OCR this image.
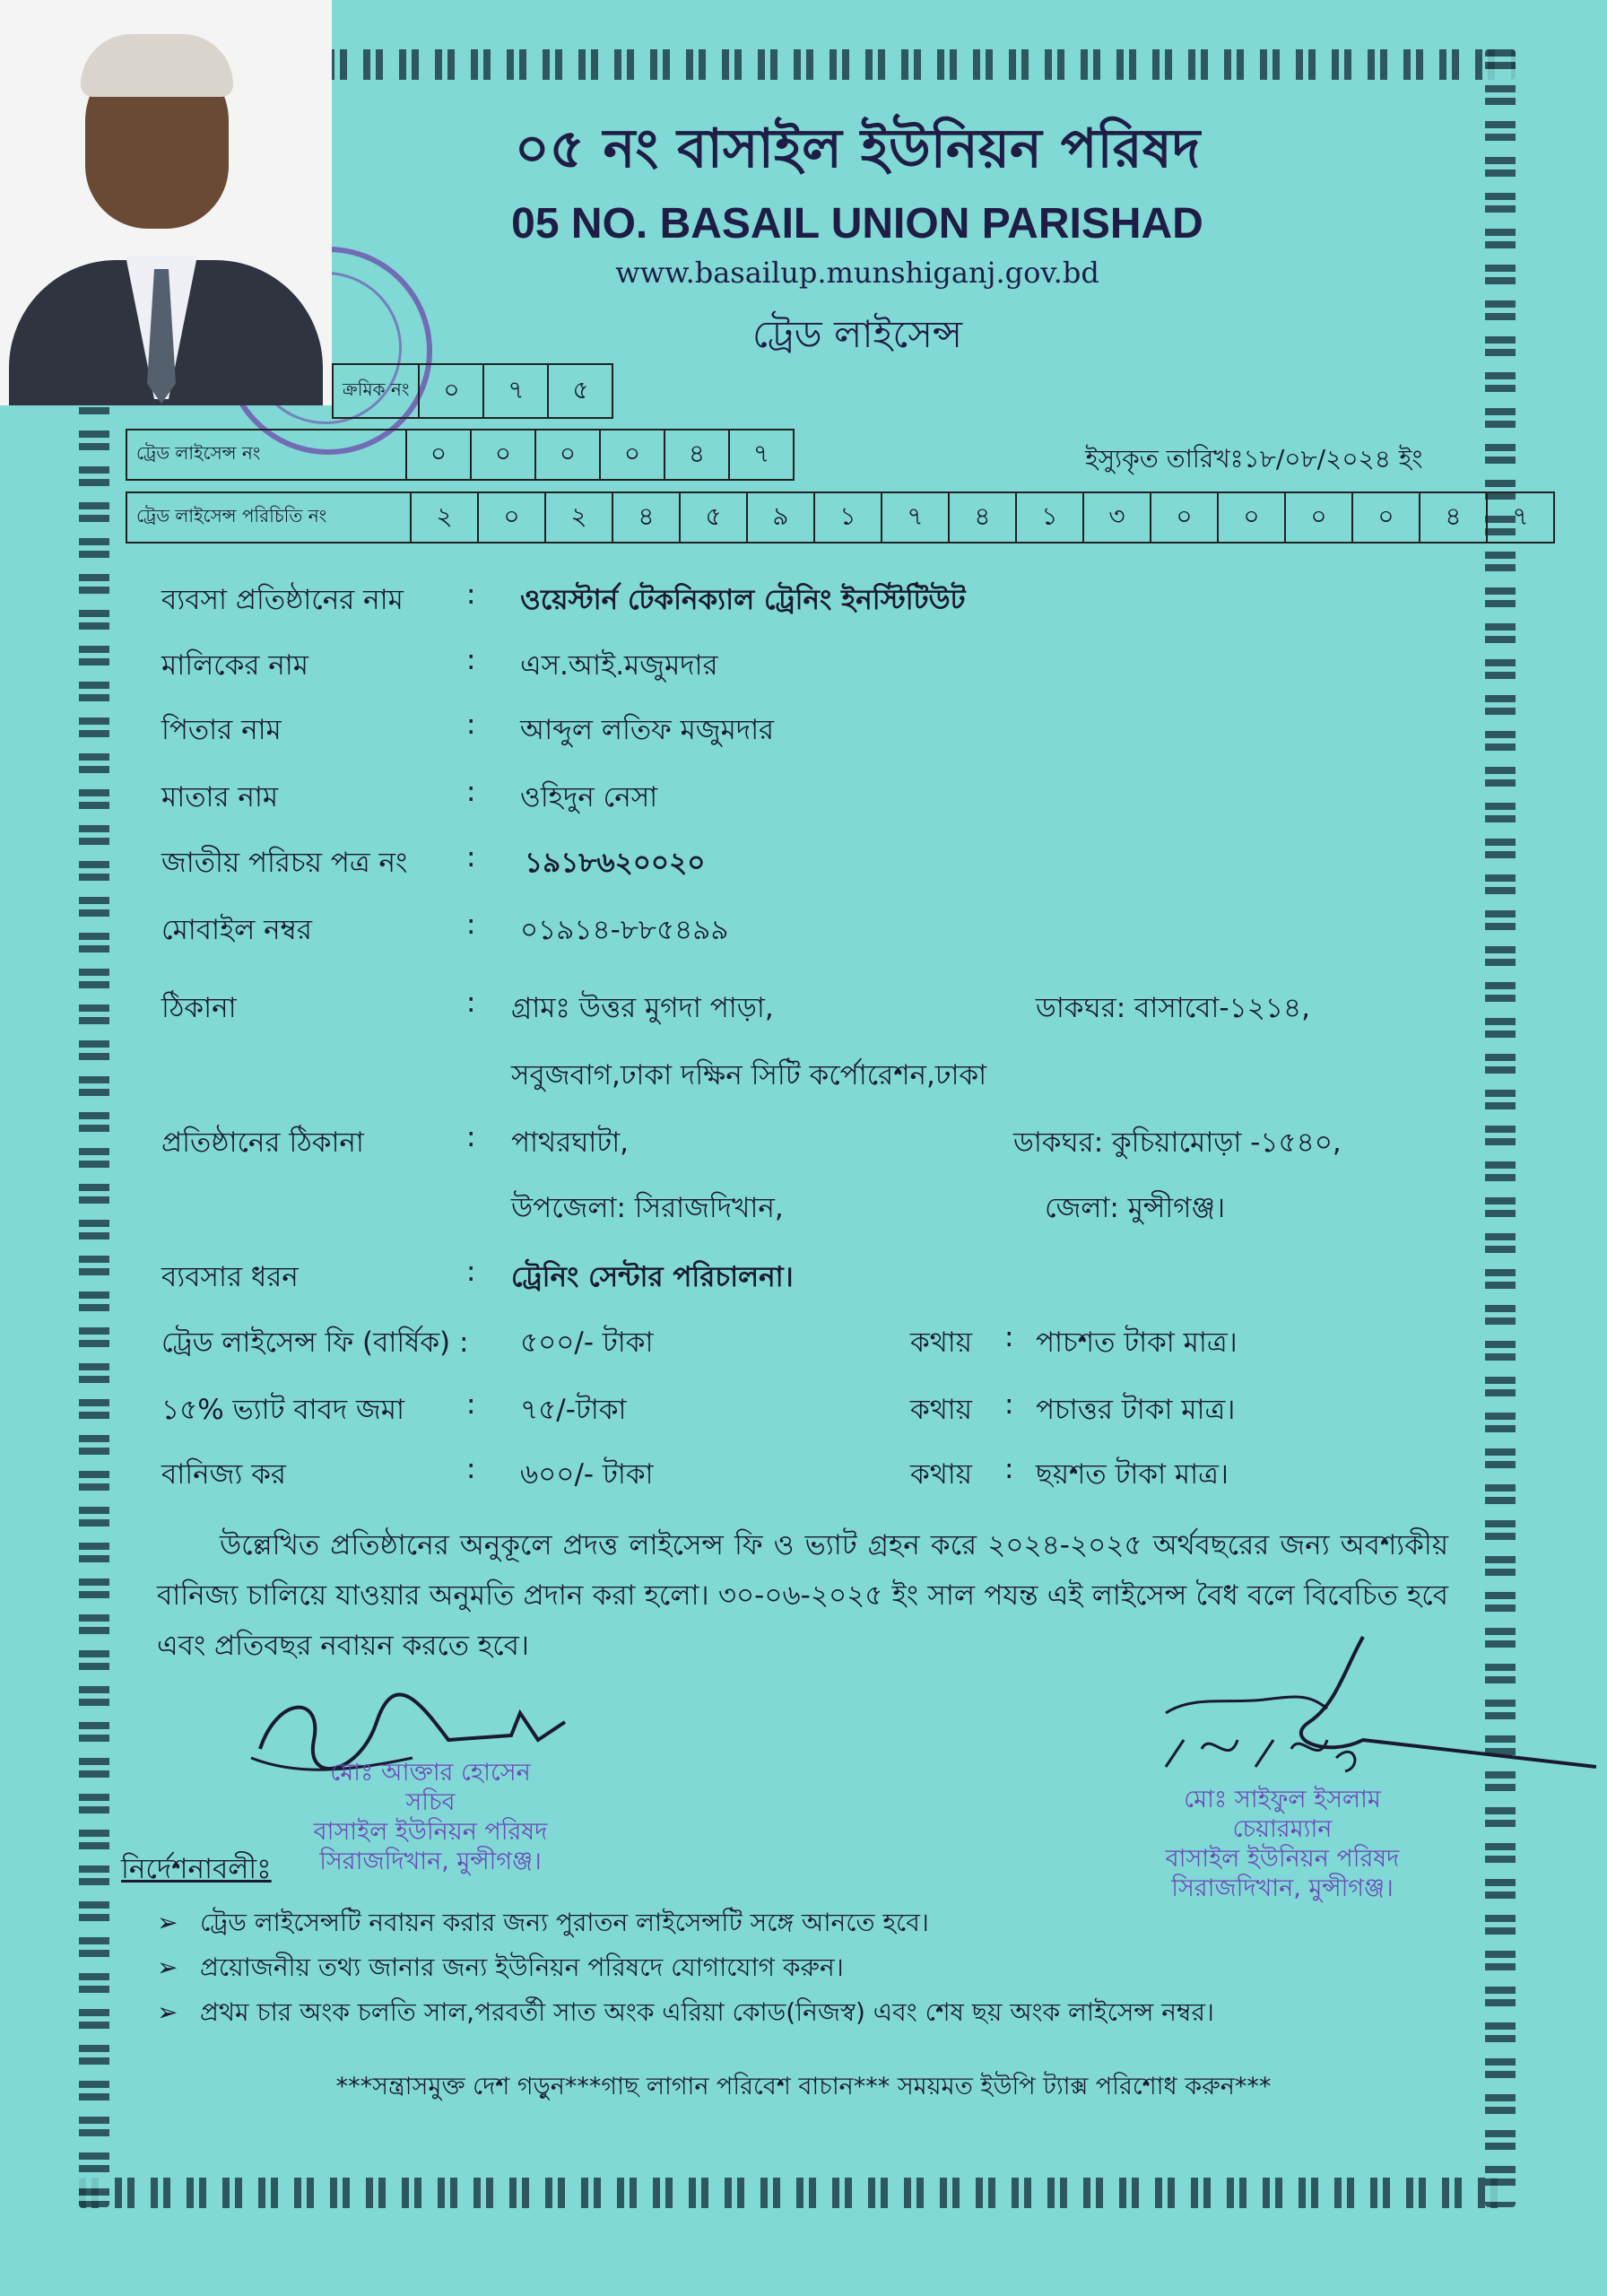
০৫ নং বাসাইল ইউনিয়ন পরিষদ
05 NO. BASAIL UNION PARISHAD
www.basailup.munshiganj.gov.bd
ট্রেড লাইসেন্স
ক্রমিক নং	০	৭	৫
ট্রেড লাইসেন্স নং	০	০	০	০	৪	৭	ইস্যুকৃত তারিখঃ১৮/০৮/২০২৪ ইং
ট্রেড লাইসেন্স পরিচিতি নং	২	০	২	৪	৫	৯	১	৭	৪	১	৩	০	০	০	০	৪	৭
ব্যবসা প্রতিষ্ঠানের নাম : ওয়েস্টার্ন টেকনিক্যাল ট্রেনিং ইনস্টিটিউট
মালিকের নাম	: এস.আই.মজুমদার
পিতার নাম	: আব্দুল লতিফ মজুমদার
মাতার নাম	: ওহিদুন নেসা
জাতীয় পরিচয় পত্র নং : ১৯১৮৬২০০২০
মোবাইল নম্বর	: ০১৯১৪-৮৮৫৪৯৯
ঠিকানা	: গ্রামঃ উত্তর মুগদা পাড়া,	ডাকঘর: বাসাবো-১২১৪,
সবুজবাগ,ঢাকা দক্ষিন সিটি কর্পোরেশন,ঢাকা
প্রতিষ্ঠানের ঠিকানা	: পাথরঘাটা,	ডাকঘর: কুচিয়ামোড়া -১৫৪০,
উপজেলা: সিরাজদিখান,	জেলা: মুন্সীগঞ্জ।
ব্যবসার ধরন	: ট্রেনিং সেন্টার পরিচালনা।
ট্রেড লাইসেন্স ফি (বার্ষিক) : ৫০০/- টাকা	কথায় : পাচশত টাকা মাত্র।
১৫% ভ্যাট বাবদ জমা : ৭৫/-টাকা	কথায় : পচাত্তর টাকা মাত্র।
বানিজ্য কর	: ৬০০/- টাকা	কথায় : ছয়শত টাকা মাত্র।
উল্লেখিত প্রতিষ্ঠানের অনুকূলে প্রদত্ত লাইসেন্স ফি ও ভ্যাট গ্রহন করে ২০২৪-২০২৫ অর্থবছরের জন্য অবশ্যকীয় বানিজ্য চালিয়ে যাওয়ার অনুমতি প্রদান করা হলো। ৩০-০৬-২০২৫ ইং সাল পযন্ত এই লাইসেন্স বৈধ বলে বিবেচিত হবে এবং প্রতিবছর নবায়ন করতে হবে।
মোঃ আক্তার হোসেন
সচিব
বাসাইল ইউনিয়ন পরিষদ
সিরাজদিখান, মুন্সীগঞ্জ।
মোঃ সাইফুল ইসলাম
চেয়ারম্যান
বাসাইল ইউনিয়ন পরিষদ
সিরাজদিখান, মুন্সীগঞ্জ।
নির্দেশনাবলীঃ
➢ ট্রেড লাইসেন্সটি নবায়ন করার জন্য পুরাতন লাইসেন্সটি সঙ্গে আনতে হবে।
➢ প্রয়োজনীয় তথ্য জানার জন্য ইউনিয়ন পরিষদে যোগাযোগ করুন।
➢ প্রথম চার অংক চলতি সাল,পরবর্তী সাত অংক এরিয়া কোড(নিজস্ব) এবং শেষ ছয় অংক লাইসেন্স নম্বর।
***সন্ত্রাসমুক্ত দেশ গড়ুন***গাছ লাগান পরিবেশ বাচান*** সময়মত ইউপি ট্যাক্স পরিশোধ করুন***
